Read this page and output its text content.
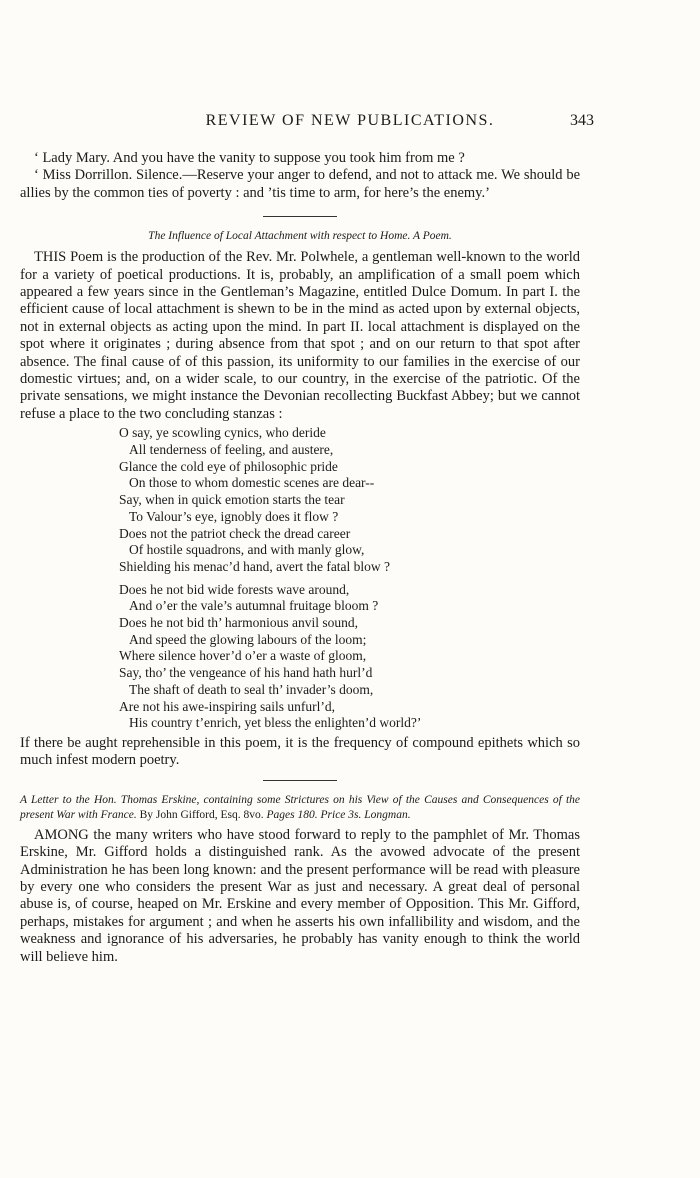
REVIEW OF NEW PUBLICATIONS.	343

‘ Lady Mary. And you have the vanity to suppose you took him from me ?

‘ Miss Dorrillon. Silence.—Reserve your anger to defend, and not to attack me. We should be allies by the common ties of poverty : and ’tis time to arm, for here’s the enemy.’

The Influence of Local Attachment with respect to Home. A Poem.

THIS Poem is the production of the Rev. Mr. Polwhele, a gentleman well-known to the world for a variety of poetical productions. It is, probably, an amplification of a small poem which appeared a few years since in the Gentleman’s Magazine, entitled Dulce Domum. In part I. the efficient cause of local attachment is shewn to be in the mind as acted upon by external objects, not in external objects as acting upon the mind. In part II. local attachment is displayed on the spot where it originates ; during absence from that spot ; and on our return to that spot after absence. The final cause of of this passion, its uniformity to our families in the exercise of our domestic virtues; and, on a wider scale, to our country, in the exercise of the patriotic. Of the private sensations, we might instance the Devonian recollecting Buckfast Abbey; but we cannot refuse a place to the two concluding stanzas :

O say, ye scowling cynics, who deride
All tenderness of feeling, and austere,
Glance the cold eye of philosophic pride
On those to whom domestic scenes are dear--
Say, when in quick emotion starts the tear
To Valour’s eye, ignobly does it flow ?
Does not the patriot check the dread career
Of hostile squadrons, and with manly glow,
Shielding his menac’d hand, avert the fatal blow ?
Does he not bid wide forests wave around,
And o’er the vale’s autumnal fruitage bloom ?
Does he not bid th’ harmonious anvil sound,
And speed the glowing labours of the loom;
Where silence hover’d o’er a waste of gloom,
Say, tho’ the vengeance of his hand hath hurl’d
The shaft of death to seal th’ invader’s doom,
Are not his awe-inspiring sails unfurl’d,
His country t’enrich, yet bless the enlighten’d world?’

If there be aught reprehensible in this poem, it is the frequency of compound epithets which so much infest modern poetry.

A Letter to the Hon. Thomas Erskine, containing some Strictures on his View of the Causes and Consequences of the present War with France. By John Gifford, Esq. 8vo. Pages 180. Price 3s. Longman.

AMONG the many writers who have stood forward to reply to the pamphlet of Mr. Thomas Erskine, Mr. Gifford holds a distinguished rank. As the avowed advocate of the present Administration he has been long known: and the present performance will be read with pleasure by every one who considers the present War as just and necessary. A great deal of personal abuse is, of course, heaped on Mr. Erskine and every member of Opposition. This Mr. Gifford, perhaps, mistakes for argument ; and when he asserts his own infallibility and wisdom, and the weakness and ignorance of his adversaries, he probably has vanity enough to think the world will believe him.
